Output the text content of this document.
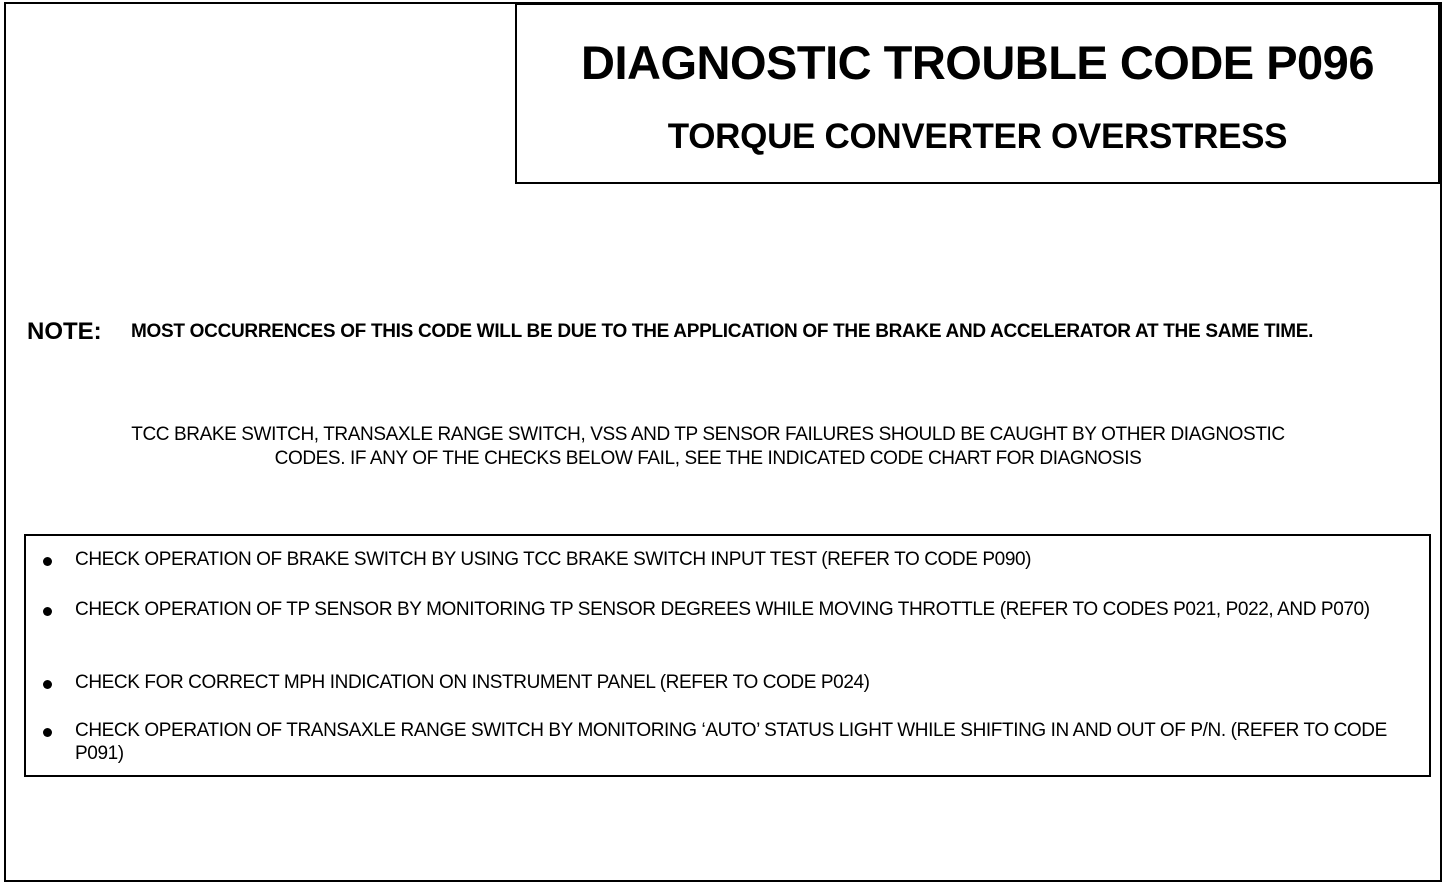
DIAGNOSTIC TROUBLE CODE P096
TORQUE CONVERTER OVERSTRESS
NOTE: MOST OCCURRENCES OF THIS CODE WILL BE DUE TO THE APPLICATION OF THE BRAKE AND ACCELERATOR AT THE SAME TIME.
TCC BRAKE SWITCH, TRANSAXLE RANGE SWITCH, VSS AND TP SENSOR FAILURES SHOULD BE CAUGHT BY OTHER DIAGNOSTIC
CODES. IF ANY OF THE CHECKS BELOW FAIL, SEE THE INDICATED CODE CHART FOR DIAGNOSIS
CHECK OPERATION OF BRAKE SWITCH BY USING TCC BRAKE SWITCH INPUT TEST (REFER TO CODE P090)
CHECK OPERATION OF TP SENSOR BY MONITORING TP SENSOR DEGREES WHILE MOVING THROTTLE (REFER TO CODES P021, P022, AND P070)
CHECK FOR CORRECT MPH INDICATION ON INSTRUMENT PANEL (REFER TO CODE P024)
CHECK OPERATION OF TRANSAXLE RANGE SWITCH BY MONITORING ‘AUTO’ STATUS LIGHT WHILE SHIFTING IN AND OUT OF P/N. (REFER TO CODE P091)
